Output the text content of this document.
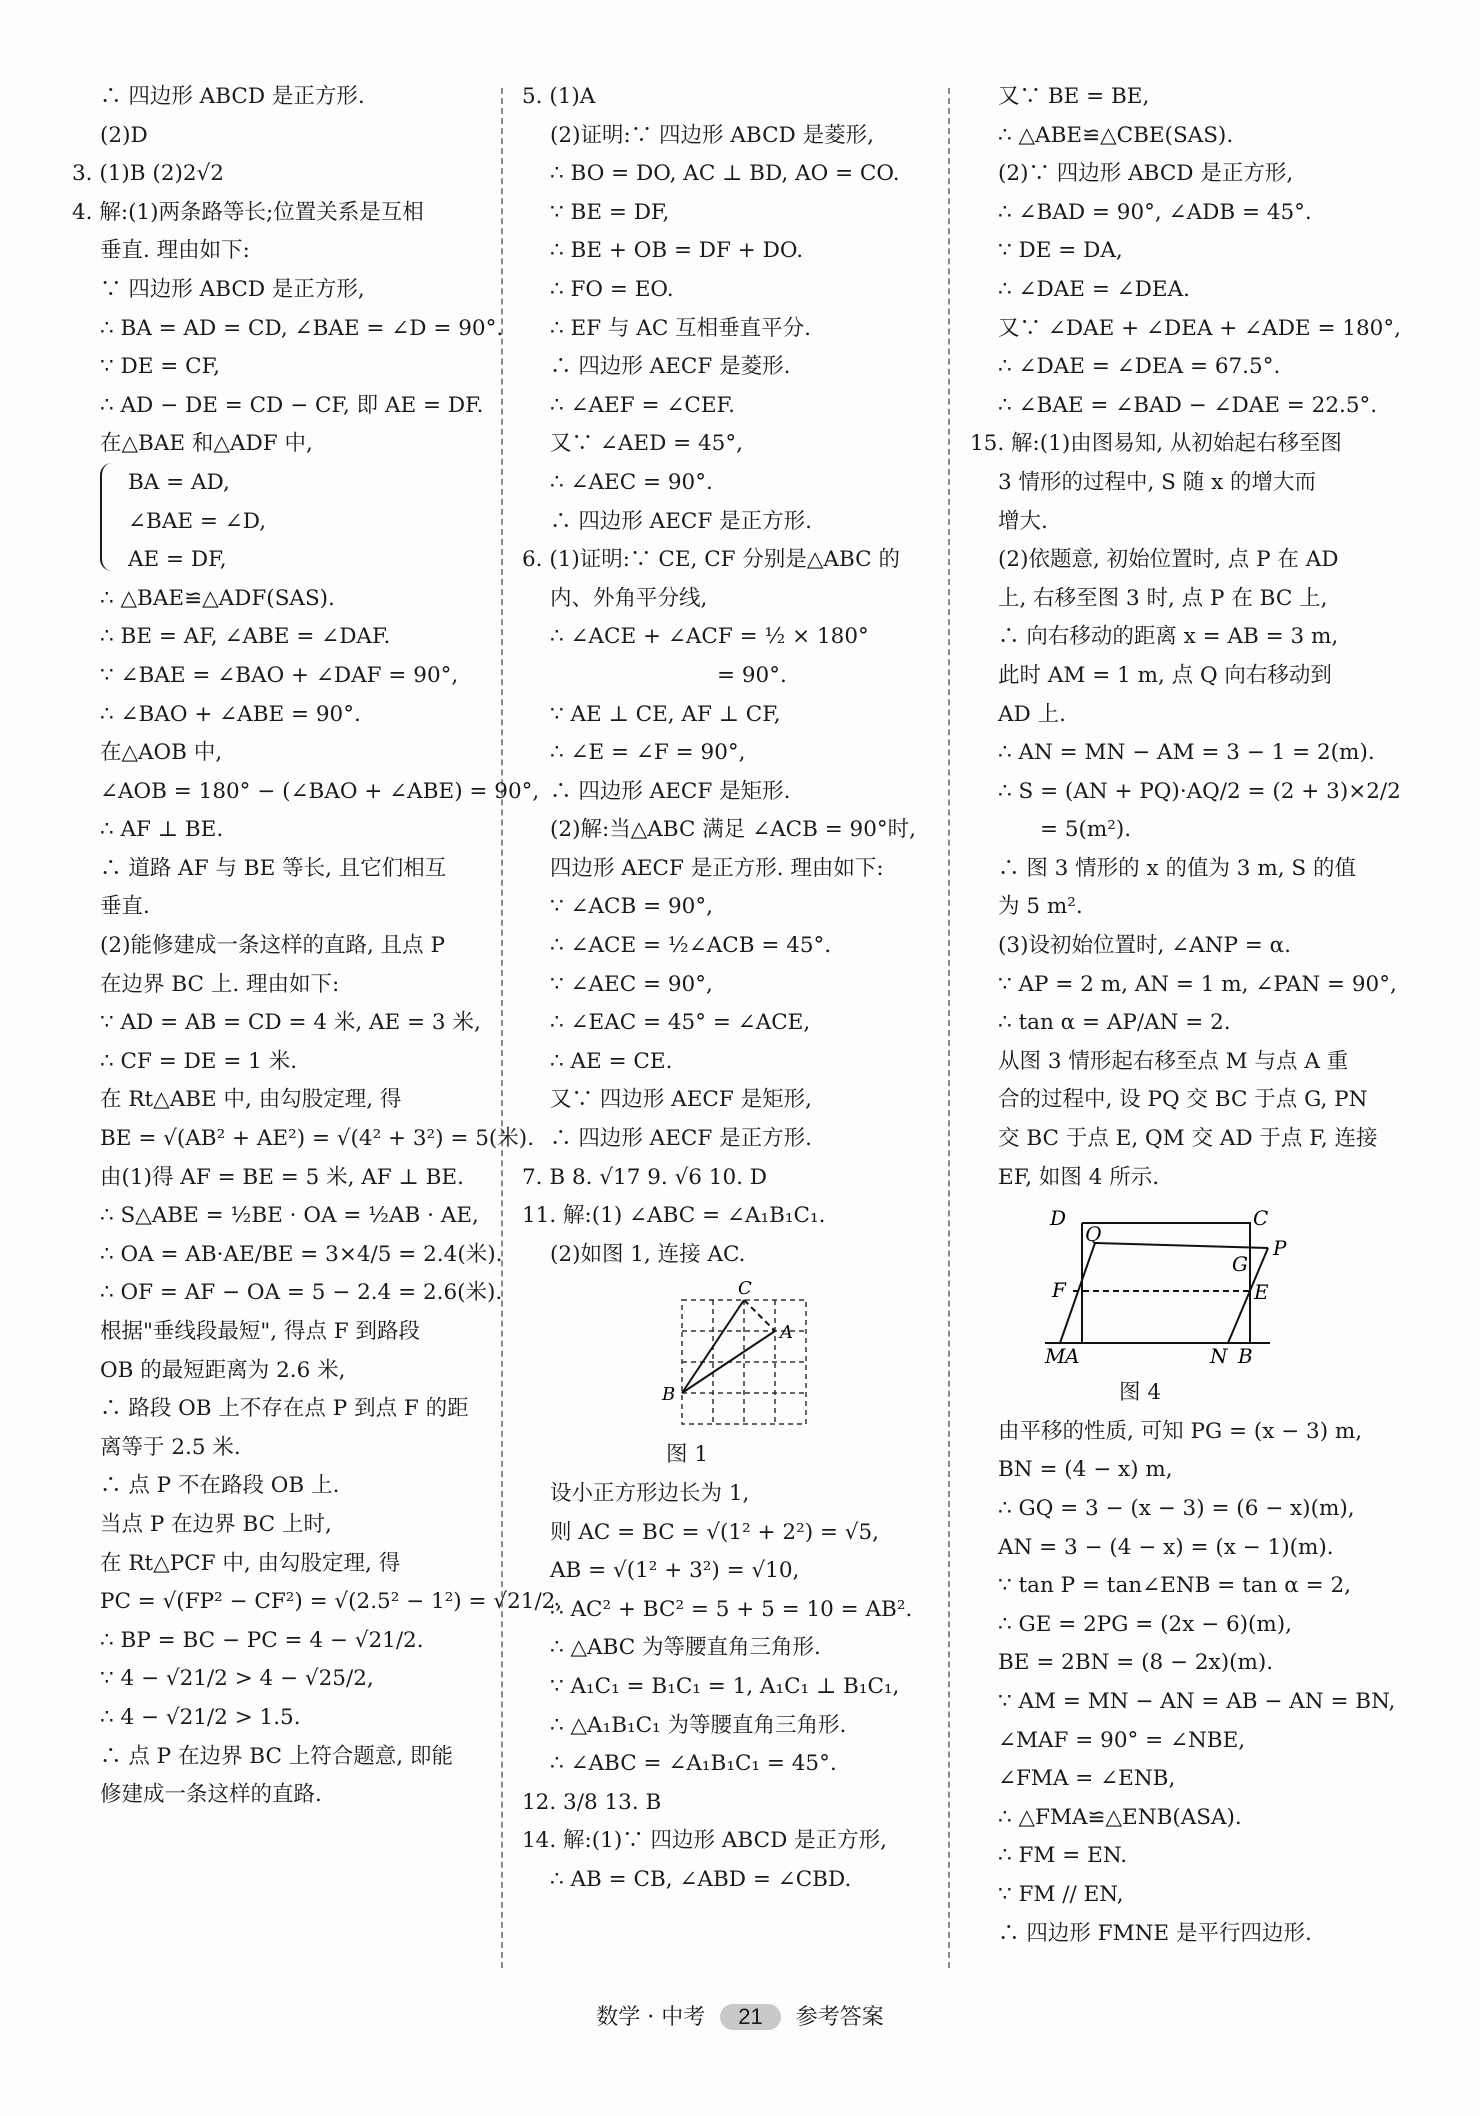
∴ 四边形 ABCD 是正方形.
(2)D
3. (1)B (2)2√2
4. 解:(1)两条路等长;位置关系是互相
垂直. 理由如下:
∵ 四边形 ABCD 是正方形,
∴ BA = AD = CD, ∠BAE = ∠D = 90°.
∵ DE = CF,
∴ AD − DE = CD − CF, 即 AE = DF.
在△BAE 和△ADF 中,
BA = AD,
∠BAE = ∠D,
AE = DF,
∴ △BAE≌△ADF(SAS).
∴ BE = AF, ∠ABE = ∠DAF.
∵ ∠BAE = ∠BAO + ∠DAF = 90°,
∴ ∠BAO + ∠ABE = 90°.
在△AOB 中,
∠AOB = 180° − (∠BAO + ∠ABE) = 90°,
∴ AF ⊥ BE.
∴ 道路 AF 与 BE 等长, 且它们相互
垂直.
(2)能修建成一条这样的直路, 且点 P
在边界 BC 上. 理由如下:
∵ AD = AB = CD = 4 米, AE = 3 米,
∴ CF = DE = 1 米.
在 Rt△ABE 中, 由勾股定理, 得
BE = √(AB² + AE²) = √(4² + 3²) = 5(米).
由(1)得 AF = BE = 5 米, AF ⊥ BE.
∴ S△ABE = ½BE · OA = ½AB · AE,
∴ OA = AB·AE/BE = 3×4/5 = 2.4(米).
∴ OF = AF − OA = 5 − 2.4 = 2.6(米).
根据"垂线段最短", 得点 F 到路段
OB 的最短距离为 2.6 米,
∴ 路段 OB 上不存在点 P 到点 F 的距
离等于 2.5 米.
∴ 点 P 不在路段 OB 上.
当点 P 在边界 BC 上时,
在 Rt△PCF 中, 由勾股定理, 得
PC = √(FP² − CF²) = √(2.5² − 1²) = √21/2,
∴ BP = BC − PC = 4 − √21/2.
∵ 4 − √21/2 > 4 − √25/2,
∴ 4 − √21/2 > 1.5.
∴ 点 P 在边界 BC 上符合题意, 即能
修建成一条这样的直路.
5. (1)A
(2)证明:∵ 四边形 ABCD 是菱形,
∴ BO = DO, AC ⊥ BD, AO = CO.
∵ BE = DF,
∴ BE + OB = DF + DO.
∴ FO = EO.
∴ EF 与 AC 互相垂直平分.
∴ 四边形 AECF 是菱形.
∴ ∠AEF = ∠CEF.
又∵ ∠AED = 45°,
∴ ∠AEC = 90°.
∴ 四边形 AECF 是正方形.
6. (1)证明:∵ CE, CF 分别是△ABC 的
内、外角平分线,
∴ ∠ACE + ∠ACF = ½ × 180°
= 90°.
∵ AE ⊥ CE, AF ⊥ CF,
∴ ∠E = ∠F = 90°,
∴ 四边形 AECF 是矩形.
(2)解:当△ABC 满足 ∠ACB = 90°时,
四边形 AECF 是正方形. 理由如下:
∵ ∠ACB = 90°,
∴ ∠ACE = ½∠ACB = 45°.
∵ ∠AEC = 90°,
∴ ∠EAC = 45° = ∠ACE,
∴ AE = CE.
又∵ 四边形 AECF 是矩形,
∴ 四边形 AECF 是正方形.
7. B 8. √17 9. √6 10. D
11. 解:(1) ∠ABC = ∠A₁B₁C₁.
(2)如图 1, 连接 AC.
C
A
B
图 1
设小正方形边长为 1,
则 AC = BC = √(1² + 2²) = √5,
AB = √(1² + 3²) = √10,
∴ AC² + BC² = 5 + 5 = 10 = AB².
∴ △ABC 为等腰直角三角形.
∵ A₁C₁ = B₁C₁ = 1, A₁C₁ ⊥ B₁C₁,
∴ △A₁B₁C₁ 为等腰直角三角形.
∴ ∠ABC = ∠A₁B₁C₁ = 45°.
12. 3/8 13. B
14. 解:(1)∵ 四边形 ABCD 是正方形,
∴ AB = CB, ∠ABD = ∠CBD.
又∵ BE = BE,
∴ △ABE≌△CBE(SAS).
(2)∵ 四边形 ABCD 是正方形,
∴ ∠BAD = 90°, ∠ADB = 45°.
∵ DE = DA,
∴ ∠DAE = ∠DEA.
又∵ ∠DAE + ∠DEA + ∠ADE = 180°,
∴ ∠DAE = ∠DEA = 67.5°.
∴ ∠BAE = ∠BAD − ∠DAE = 22.5°.
15. 解:(1)由图易知, 从初始起右移至图
3 情形的过程中, S 随 x 的增大而
增大.
(2)依题意, 初始位置时, 点 P 在 AD
上, 右移至图 3 时, 点 P 在 BC 上,
∴ 向右移动的距离 x = AB = 3 m,
此时 AM = 1 m, 点 Q 向右移动到
AD 上.
∴ AN = MN − AM = 3 − 1 = 2(m).
∴ S = (AN + PQ)·AQ/2 = (2 + 3)×2/2
= 5(m²).
∴ 图 3 情形的 x 的值为 3 m, S 的值
为 5 m².
(3)设初始位置时, ∠ANP = α.
∵ AP = 2 m, AN = 1 m, ∠PAN = 90°,
∴ tan α = AP/AN = 2.
从图 3 情形起右移至点 M 与点 A 重
合的过程中, 设 PQ 交 BC 于点 G, PN
交 BC 于点 E, QM 交 AD 于点 F, 连接
EF, 如图 4 所示.
D
Q
C
G
P
F	E
M A	N B
图 4
由平移的性质, 可知 PG = (x − 3) m,
BN = (4 − x) m,
∴ GQ = 3 − (x − 3) = (6 − x)(m),
AN = 3 − (4 − x) = (x − 1)(m).
∵ tan P = tan∠ENB = tan α = 2,
∴ GE = 2PG = (2x − 6)(m),
BE = 2BN = (8 − 2x)(m).
∵ AM = MN − AN = AB − AN = BN,
∠MAF = 90° = ∠NBE,
∠FMA = ∠ENB,
∴ △FMA≌△ENB(ASA).
∴ FM = EN.
∵ FM // EN,
∴ 四边形 FMNE 是平行四边形.
数学 · 中考 21 参考答案
